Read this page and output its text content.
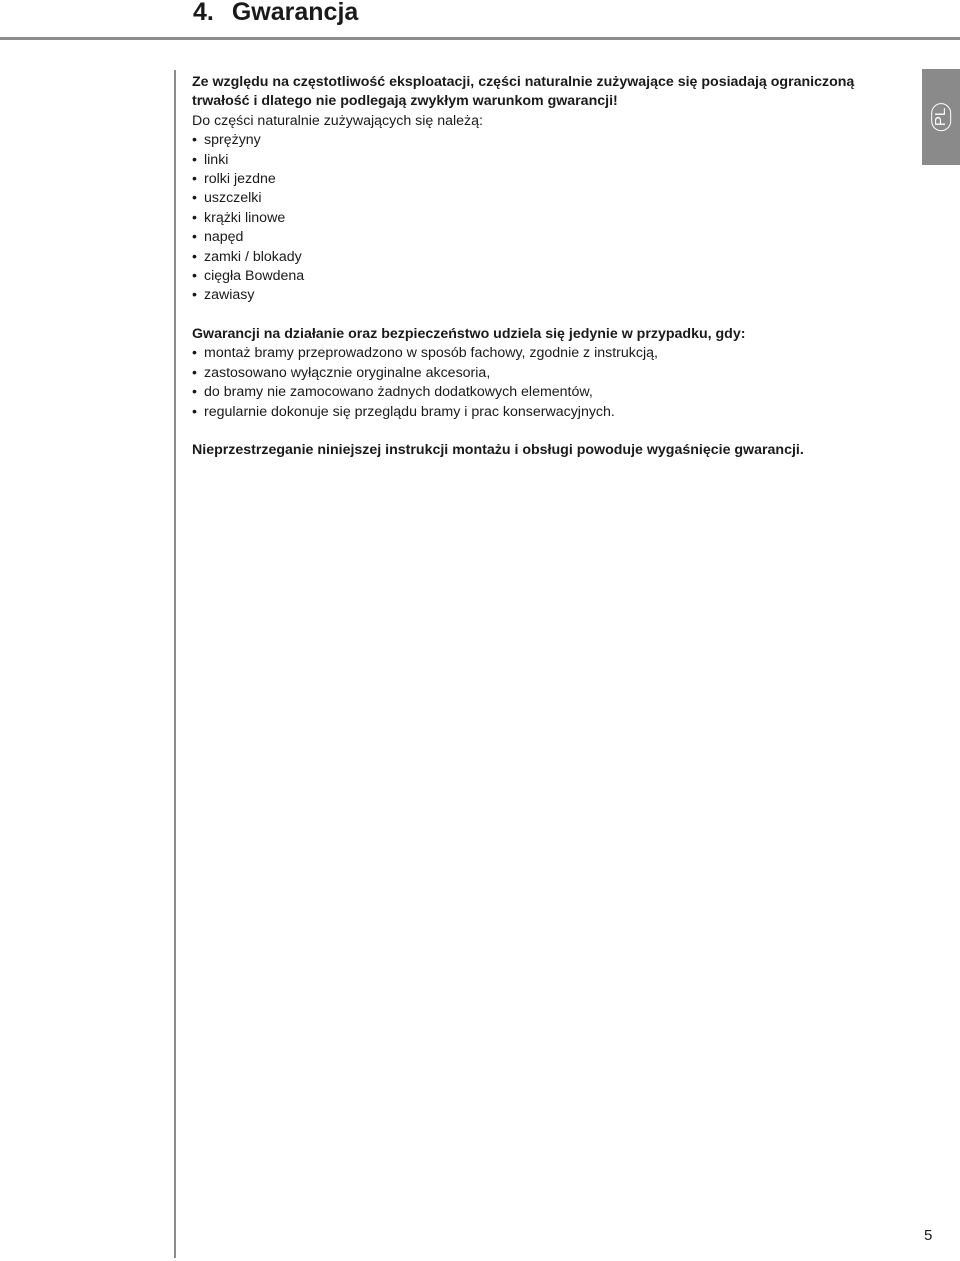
4. Gwarancja
PL

Ze względu na częstotliwość eksploatacji, części naturalnie zużywające się posiadają ograniczoną

trwałość i dlatego nie podlegają zwykłym warunkom gwarancji!

Do części naturalnie zużywających się należą:

• sprężyny
• linki
• rolki jezdne
• uszczelki
• krążki linowe
• napęd
• zamki / blokady
• cięgła Bowdena
• zawiasy

Gwarancji na działanie oraz bezpieczeństwo udziela się jedynie w przypadku, gdy:

• montaż bramy przeprowadzono w sposób fachowy, zgodnie z instrukcją,
• zastosowano wyłącznie oryginalne akcesoria,
• do bramy nie zamocowano żadnych dodatkowych elementów,
• regularnie dokonuje się przeglądu bramy i prac konserwacyjnych.

Nieprzestrzeganie niniejszej instrukcji montażu i obsługi powoduje wygaśnięcie gwarancji.

5
